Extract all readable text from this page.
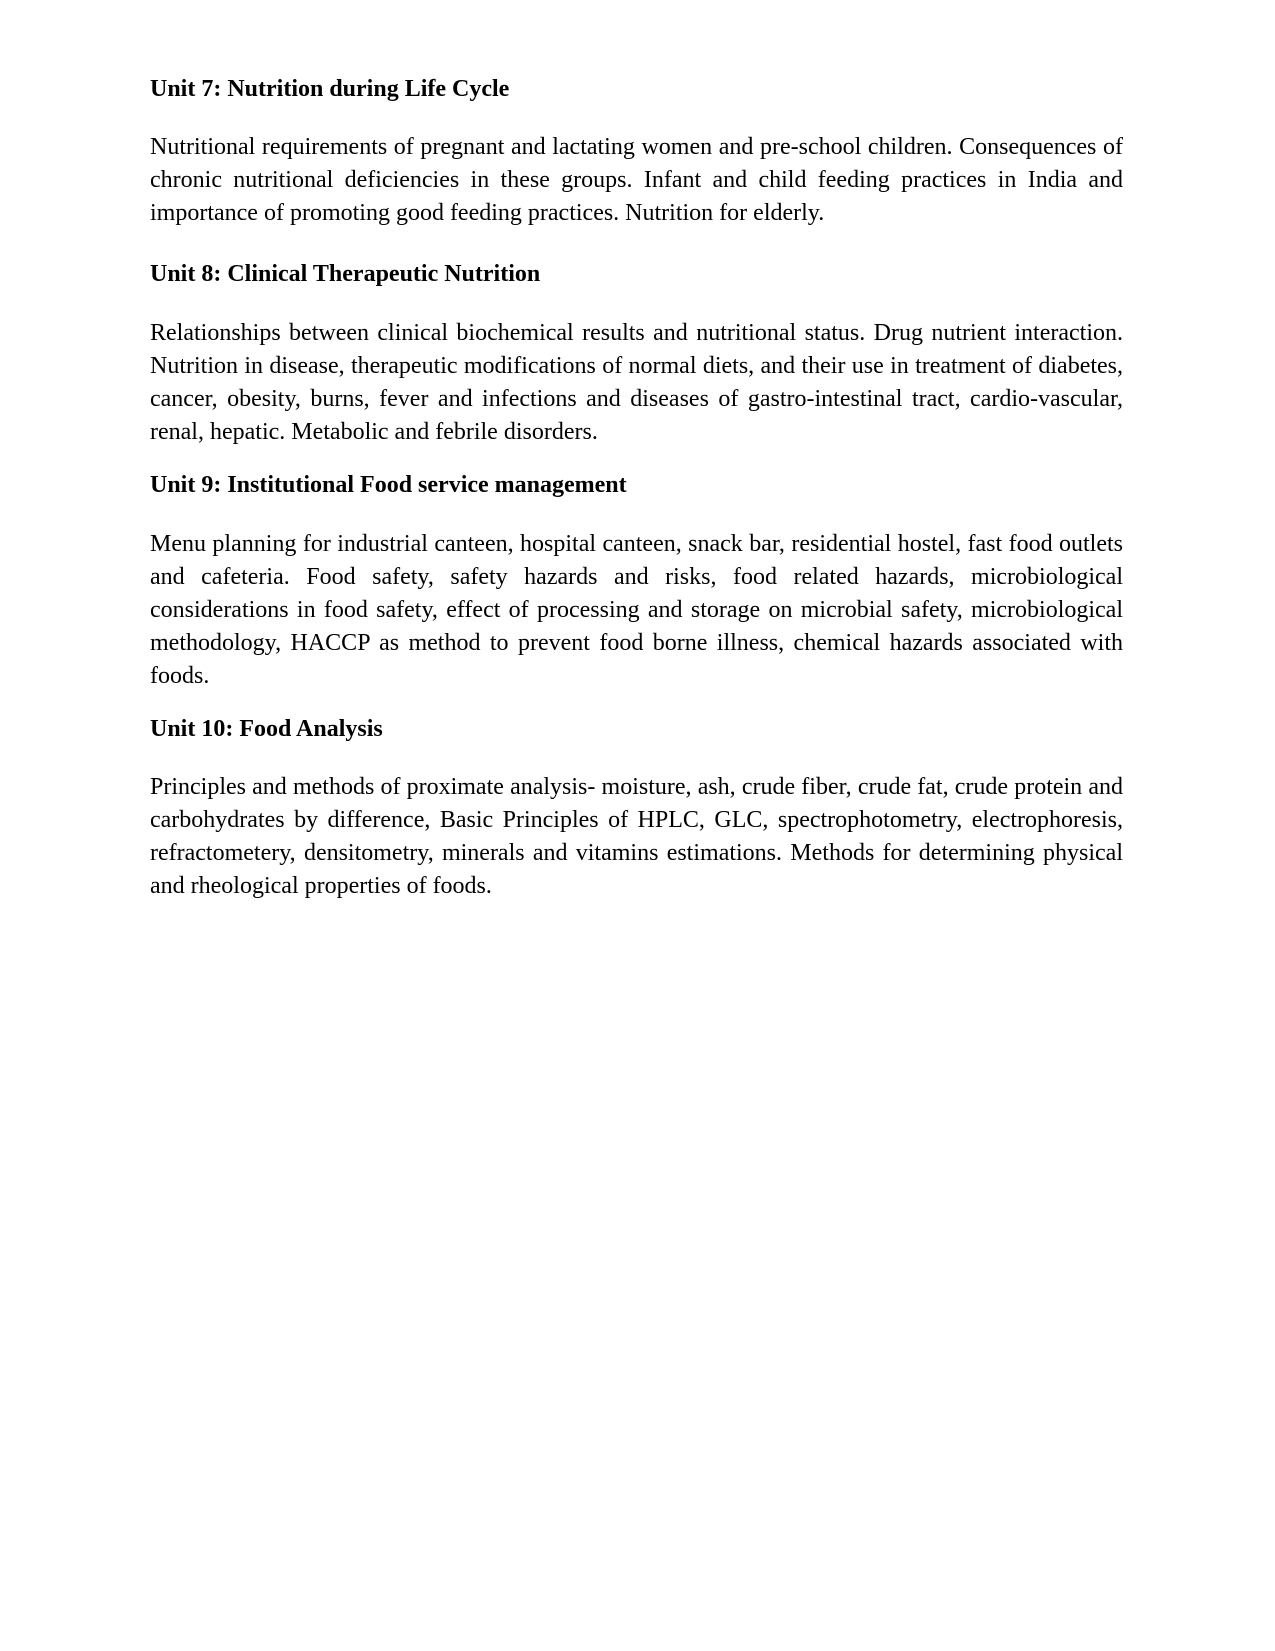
Unit 7: Nutrition during Life Cycle

Nutritional requirements of pregnant and lactating women and pre-school children. Consequences of chronic nutritional deficiencies in these groups. Infant and child feeding practices in India and importance of promoting good feeding practices. Nutrition for elderly.

Unit 8: Clinical Therapeutic Nutrition

Relationships between clinical biochemical results and nutritional status. Drug nutrient interaction. Nutrition in disease, therapeutic modifications of normal diets, and their use in treatment of diabetes, cancer, obesity, burns, fever and infections and diseases of gastro-intestinal tract, cardio-vascular, renal, hepatic. Metabolic and febrile disorders.

Unit 9: Institutional Food service management

Menu planning for industrial canteen, hospital canteen, snack bar, residential hostel, fast food outlets and cafeteria. Food safety, safety hazards and risks, food related hazards, microbiological considerations in food safety, effect of processing and storage on microbial safety, microbiological methodology, HACCP as method to prevent food borne illness, chemical hazards associated with foods.

Unit 10: Food Analysis

Principles and methods of proximate analysis- moisture, ash, crude fiber, crude fat, crude protein and carbohydrates by difference, Basic Principles of HPLC, GLC, spectrophotometry, electrophoresis, refractometery, densitometry, minerals and vitamins estimations. Methods for determining physical and rheological properties of foods.
